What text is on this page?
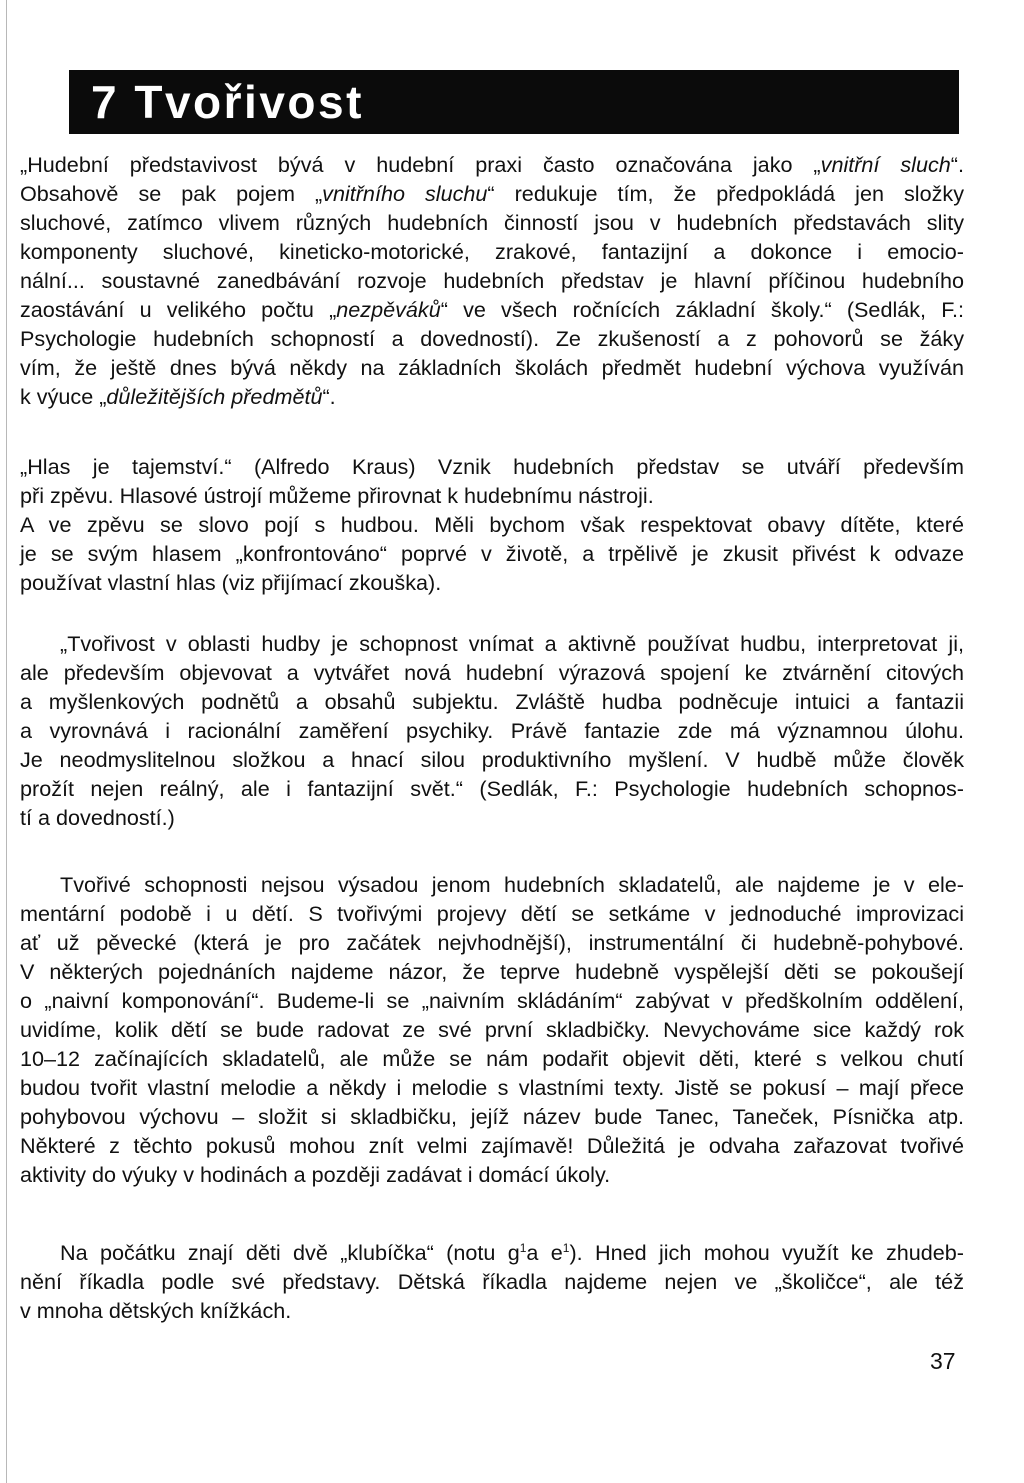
7 Tvořivost
„Hudební představivost bývá v hudební praxi často označována jako „vnitřní sluch“.
Obsahově se pak pojem „vnitřního sluchu“ redukuje tím, že předpokládá jen složky
sluchové, zatímco vlivem různých hudebních činností jsou v hudebních představách slity
komponenty sluchové, kineticko-motorické, zrakové, fantazijní a dokonce i emocio-
nální... soustavné zanedbávání rozvoje hudebních představ je hlavní příčinou hudebního
zaostávání u velikého počtu „nezpěváků“ ve všech ročnících základní školy.“ (Sedlák, F.:
Psychologie hudebních schopností a dovedností). Ze zkušeností a z pohovorů se žáky
vím, že ještě dnes bývá někdy na základních školách předmět hudební výchova využíván
k výuce „důležitějších předmětů“.
„Hlas je tajemství.“ (Alfredo Kraus) Vznik hudebních představ se utváří především
při zpěvu. Hlasové ústrojí můžeme přirovnat k hudebnímu nástroji.
A ve zpěvu se slovo pojí s hudbou. Měli bychom však respektovat obavy dítěte, které
je se svým hlasem „konfrontováno“ poprvé v životě, a trpělivě je zkusit přivést k odvaze
používat vlastní hlas (viz přijímací zkouška).
„Tvořivost v oblasti hudby je schopnost vnímat a aktivně používat hudbu, interpretovat ji,
ale především objevovat a vytvářet nová hudební výrazová spojení ke ztvárnění citových
a myšlenkových podnětů a obsahů subjektu. Zvláště hudba podněcuje intuici a fantazii
a vyrovnává i racionální zaměření psychiky. Právě fantazie zde má významnou úlohu.
Je neodmyslitelnou složkou a hnací silou produktivního myšlení. V hudbě může člověk
prožít nejen reálný, ale i fantazijní svět.“ (Sedlák, F.: Psychologie hudebních schopnos-
tí a dovedností.)
Tvořivé schopnosti nejsou výsadou jenom hudebních skladatelů, ale najdeme je v ele-
mentární podobě i u dětí. S tvořivými projevy dětí se setkáme v jednoduché improvizaci
ať už pěvecké (která je pro začátek nejvhodnější), instrumentální či hudebně-pohybové.
V některých pojednáních najdeme názor, že teprve hudebně vyspělejší děti se pokoušejí
o „naivní komponování“. Budeme-li se „naivním skládáním“ zabývat v předškolním oddělení,
uvidíme, kolik dětí se bude radovat ze své první skladbičky. Nevychováme sice každý rok
10–12 začínajících skladatelů, ale může se nám podařit objevit děti, které s velkou chutí
budou tvořit vlastní melodie a někdy i melodie s vlastními texty. Jistě se pokusí – mají přece
pohybovou výchovu – složit si skladbičku, jejíž název bude Tanec, Taneček, Písnička atp.
Některé z těchto pokusů mohou znít velmi zajímavě! Důležitá je odvaha zařazovat tvořivé
aktivity do výuky v hodinách a později zadávat i domácí úkoly.
Na počátku znají děti dvě „klubíčka“ (notu $g^1a$ $e^1$). Hned jich mohou využít ke zhudeb-
nění říkadla podle své představy. Dětská říkadla najdeme nejen ve „školičce“, ale též
v mnoha dětských knížkách.
37
